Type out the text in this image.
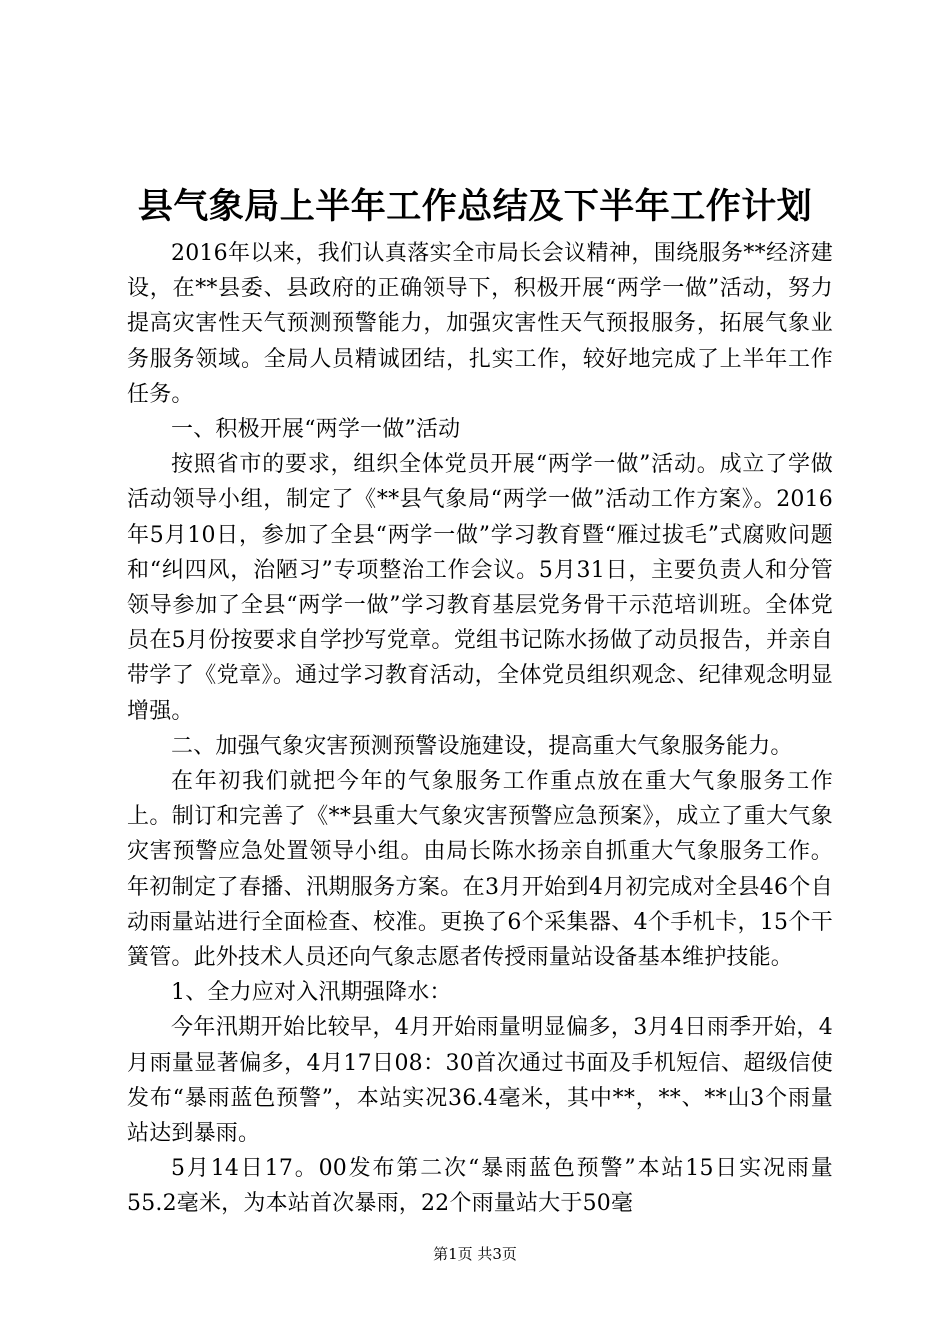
县气象局上半年工作总结及下半年工作计划

2016年以来，我们认真落实全市局长会议精神，围绕服务**经济建设，在**县委、县政府的正确领导下，积极开展“两学一做”活动，努力提高灾害性天气预测预警能力，加强灾害性天气预报服务，拓展气象业务服务领域。全局人员精诚团结，扎实工作，较好地完成了上半年工作任务。

一、积极开展“两学一做”活动

按照省市的要求，组织全体党员开展“两学一做”活动。成立了学做活动领导小组，制定了《**县气象局“两学一做”活动工作方案》。2016年5月10日，参加了全县“两学一做”学习教育暨“雁过拔毛”式腐败问题和“纠四风，治陋习”专项整治工作会议。5月31日，主要负责人和分管领导参加了全县“两学一做”学习教育基层党务骨干示范培训班。全体党员在5月份按要求自学抄写党章。党组书记陈水扬做了动员报告，并亲自带学了《党章》。通过学习教育活动，全体党员组织观念、纪律观念明显增强。

二、加强气象灾害预测预警设施建设，提高重大气象服务能力。

在年初我们就把今年的气象服务工作重点放在重大气象服务工作上。制订和完善了《**县重大气象灾害预警应急预案》，成立了重大气象灾害预警应急处置领导小组。由局长陈水扬亲自抓重大气象服务工作。年初制定了春播、汛期服务方案。在3月开始到4月初完成对全县46个自动雨量站进行全面检查、校准。更换了6个采集器、4个手机卡，15个干簧管。此外技术人员还向气象志愿者传授雨量站设备基本维护技能。

1、全力应对入汛期强降水：

今年汛期开始比较早，4月开始雨量明显偏多，3月4日雨季开始，4月雨量显著偏多，4月17日08：30首次通过书面及手机短信、超级信使发布“暴雨蓝色预警”，本站实况36.4毫米，其中**，**、**山3个雨量站达到暴雨。

5月14日17。00发布第二次“暴雨蓝色预警”本站15日实况雨量55.2毫米，为本站首次暴雨，22个雨量站大于50毫

第1页 共3页
